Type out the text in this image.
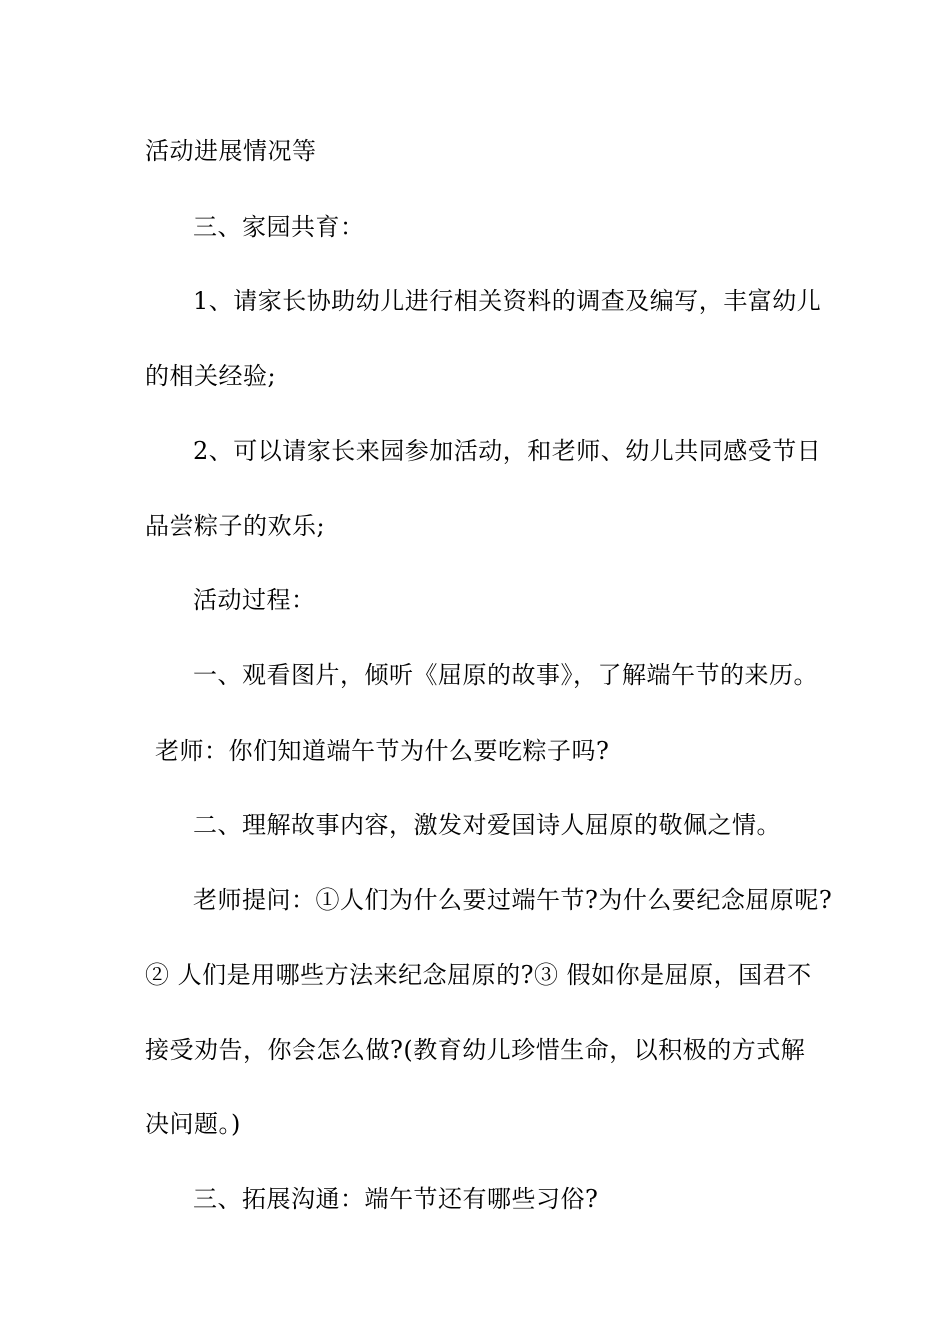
活动进展情况等
三、家园共育：
1、请家长协助幼儿进行相关资料的调查及编写，丰富幼儿
的相关经验;
2、可以请家长来园参加活动，和老师、幼儿共同感受节日
品尝粽子的欢乐;
活动过程：
一、观看图片，倾听《屈原的故事》，了解端午节的来历。
老师：你们知道端午节为什么要吃粽子吗?
二、理解故事内容，激发对爱国诗人屈原的敬佩之情。
老师提问：①人们为什么要过端午节?为什么要纪念屈原呢?
② 人们是用哪些方法来纪念屈原的?③ 假如你是屈原，国君不
接受劝告，你会怎么做?(教育幼儿珍惜生命，以积极的方式解
决问题。)
三、拓展沟通：端午节还有哪些习俗?
